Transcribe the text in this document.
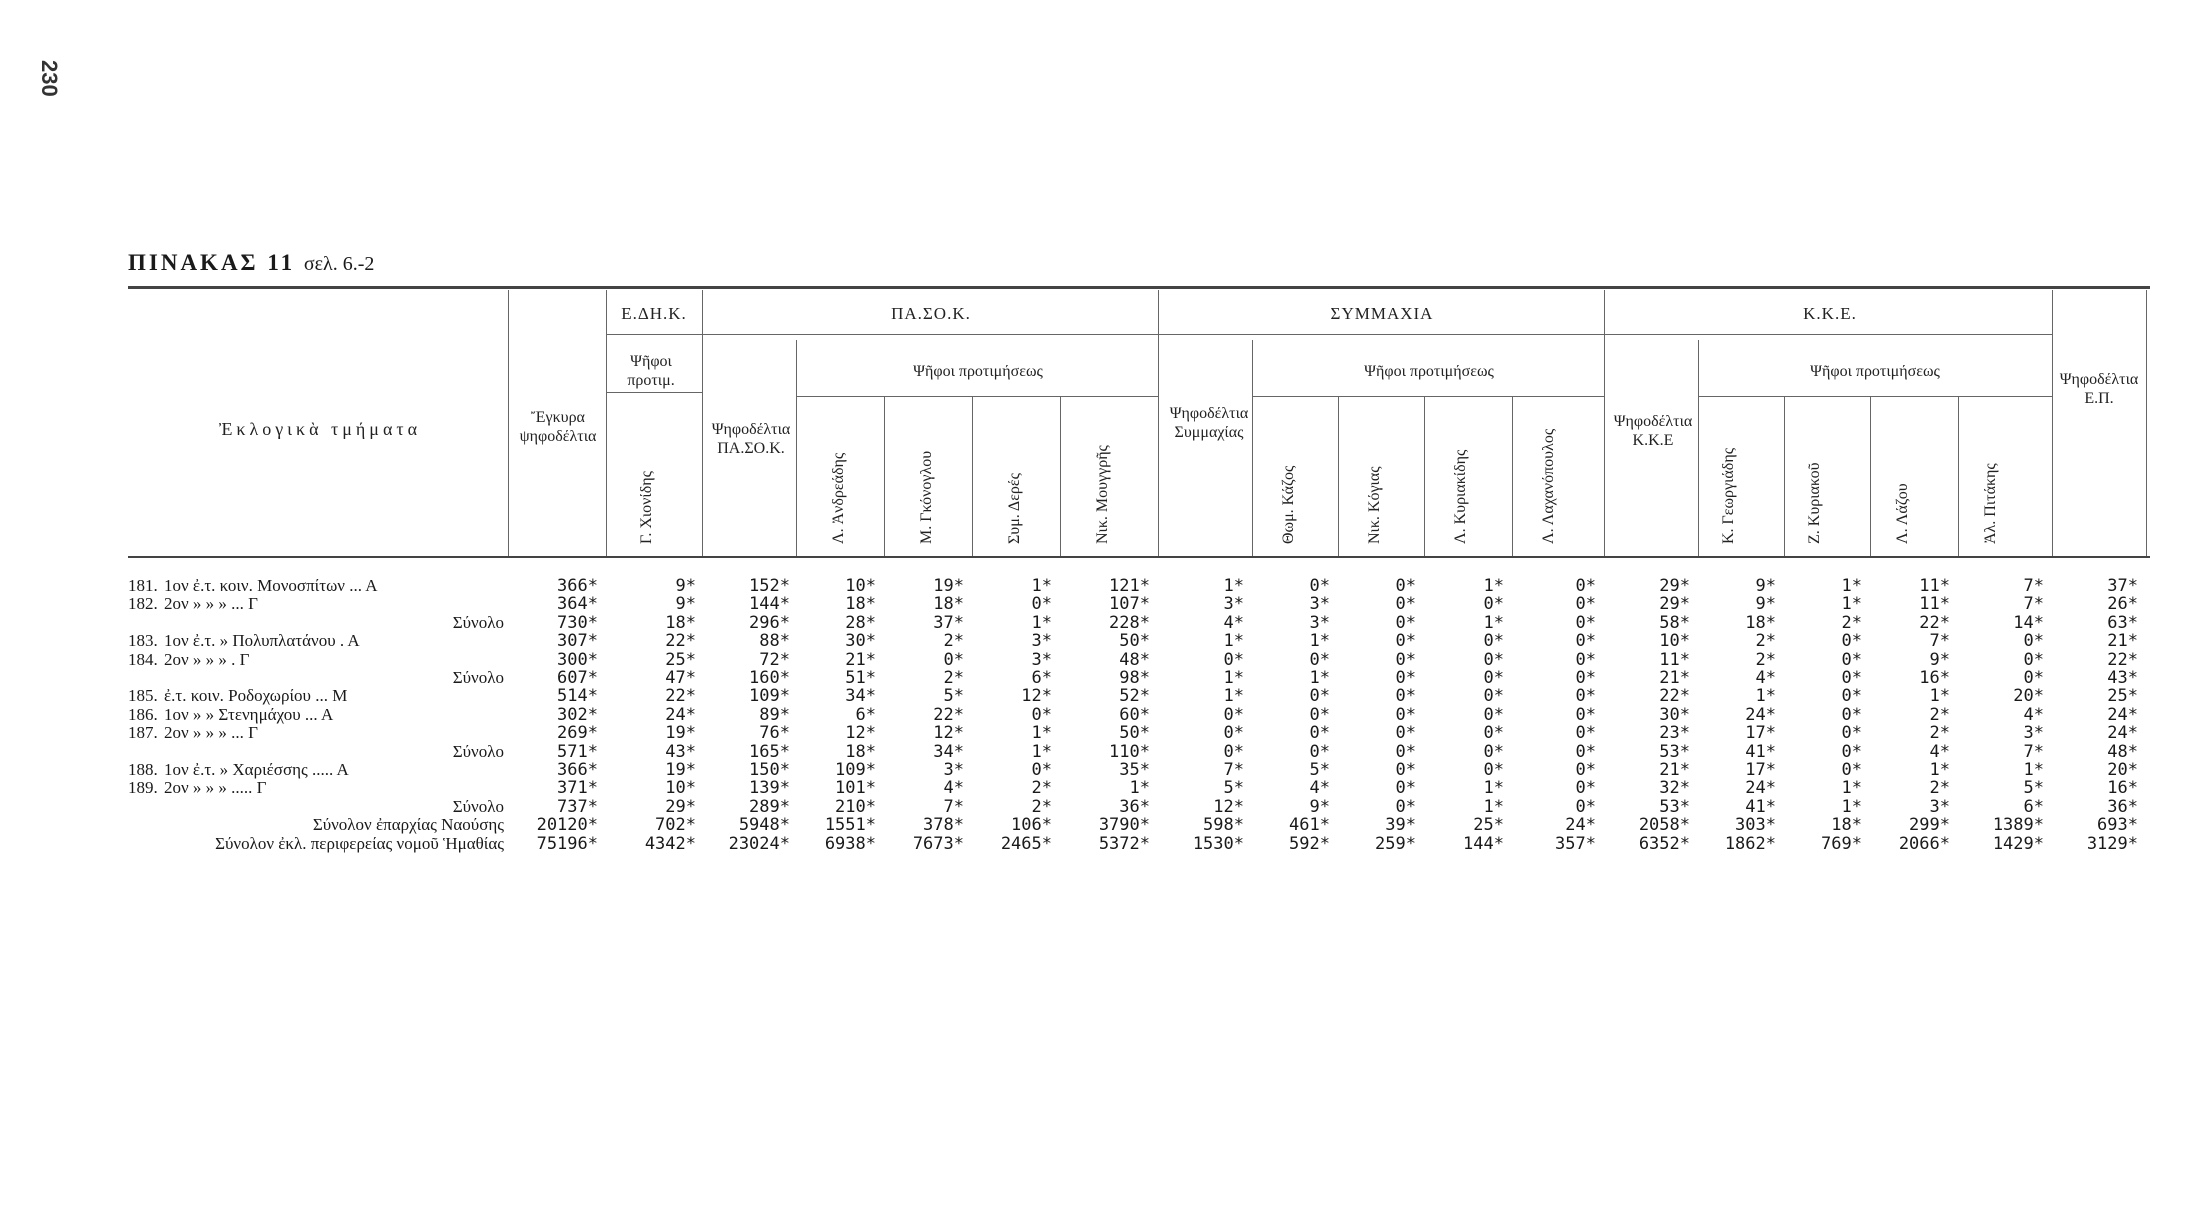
230
ΠΙΝΑΚΑΣ 11 σελ. 6.-2
Ἐκλογικὰ τμήματα
Ἔγκυρα ψηφοδέλτια
Ε.ΔΗ.Κ.	ΠΑ.ΣΟ.Κ.	ΣΥΜΜΑΧΙΑ	Κ.Κ.Ε.
Ψῆφοι προτιμ.
Ψηφοδέλτια ΠΑ.ΣΟ.Κ.
Ψῆφοι προτιμήσεως
Ψηφοδέλτια Συμμαχίας
Ψῆφοι προτιμήσεως
Ψηφοδέλτια Κ.Κ.Ε
Ψῆφοι προτιμήσεως	Ψηφοδέλτια Ε.Π.
Γ. Χιονίδης	Λ. Ἀνδρεάδης	Μ. Γκόνογλου	Συμ. Δερές	Νικ. Μουγγρῆς	Θωμ. Κάζος	Νικ. Κόγιας	Λ. Κυριακίδης	Λ. Λαχανόπουλος	Κ. Γεωργιάδης	Ζ. Κυριακοῦ	Λ. Λάζου	Ἀλ. Πιτάκης
181. 1ον ἐ.τ. κοιν. Μονοσπίτων ... Α	366*	9*	152*	10*	19*	1*	121*	1*	0*	0*	1*	0*	29*	9*	1*	11*	7*	37*
182. 2ον » » » ... Γ	364*	9*	144*	18*	18*	0*	107*	3*	3*	0*	0*	0*	29*	9*	1*	11*	7*	26*
Σύνολο	730*	18*	296*	28*	37*	1*	228*	4*	3*	0*	1*	0*	58*	18*	2*	22*	14*	63*
183. 1ον ἐ.τ. » Πολυπλατάνου . Α	307*	22*	88*	30*	2*	3*	50*	1*	1*	0*	0*	0*	10*	2*	0*	7*	0*	21*
184. 2ον » » » . Γ	300*	25*	72*	21*	0*	3*	48*	0*	0*	0*	0*	0*	11*	2*	0*	9*	0*	22*
Σύνολο	607*	47*	160*	51*	2*	6*	98*	1*	1*	0*	0*	0*	21*	4*	0*	16*	0*	43*
185. ἐ.τ. κοιν. Ροδοχωρίου ... Μ	514*	22*	109*	34*	5*	12*	52*	1*	0*	0*	0*	0*	22*	1*	0*	1*	20*	25*
186. 1ον » » Στενημάχου ... Α	302*	24*	89*	6*	22*	0*	60*	0*	0*	0*	0*	0*	30*	24*	0*	2*	4*	24*
187. 2ον » » » ... Γ	269*	19*	76*	12*	12*	1*	50*	0*	0*	0*	0*	0*	23*	17*	0*	2*	3*	24*
Σύνολο	571*	43*	165*	18*	34*	1*	110*	0*	0*	0*	0*	0*	53*	41*	0*	4*	7*	48*
188. 1ον ἐ.τ. » Χαριέσσης ..... Α	366*	19*	150*	109*	3*	0*	35*	7*	5*	0*	0*	0*	21*	17*	0*	1*	1*	20*
189. 2ον » » » ..... Γ	371*	10*	139*	101*	4*	2*	1*	5*	4*	0*	1*	0*	32*	24*	1*	2*	5*	16*
Σύνολο	737*	29*	289*	210*	7*	2*	36*	12*	9*	0*	1*	0*	53*	41*	1*	3*	6*	36*
Σύνολον ἐπαρχίας Ναούσης	20120*	702*	5948*	1551*	378*	106*	3790*	598*	461*	39*	25*	24*	2058*	303*	18*	299*	1389*	693*
Σύνολον ἐκλ. περιφερείας νομοῦ Ἡμαθίας	75196*	4342*	23024*	6938*	7673*	2465*	5372*	1530*	592*	259*	144*	357*	6352*	1862*	769*	2066*	1429*	3129*
